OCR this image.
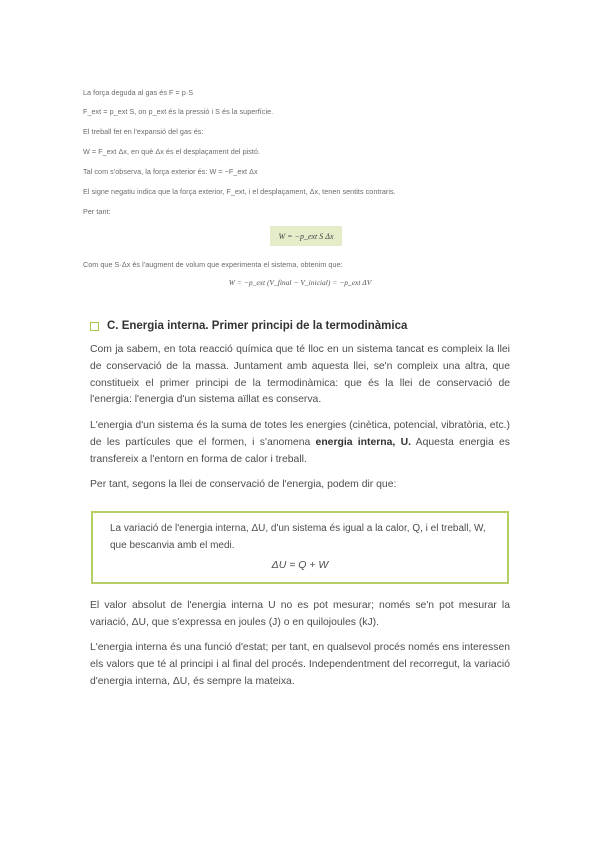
La força deguda al gas és F = p·S
F_ext = p_ext S, on p_ext és la pressió i S és la superfície.
El treball fet en l'expansió del gas és:
W = F_ext Δx, en què Δx és el desplaçament del pistó.
Tal com s'observa, la força exterior és: W = −F_ext Δx
El signe negatiu indica que la força exterior, F_ext, i el desplaçament, Δx, tenen sentits contraris.
Per tant:
W = −p_ext S Δx
Com que S·Δx és l'augment de volum que experimenta el sistema, obtenim que:
W = −p_ext (V_final − V_inicial) = −p_ext ΔV
C. Energia interna. Primer principi de la termodinàmica
Com ja sabem, en tota reacció química que té lloc en un sistema tancat es compleix la llei de conservació de la massa. Juntament amb aquesta llei, se'n compleix una altra, que constitueix el primer principi de la termodinàmica: que és la llei de conservació de l'energia: l'energia d'un sistema aïllat es conserva.
L'energia d'un sistema és la suma de totes les energies (cinètica, potencial, vibratòria, etc.) de les partícules que el formen, i s'anomena energia interna, U. Aquesta energia es transfereix a l'entorn en forma de calor i treball.
Per tant, segons la llei de conservació de l'energia, podem dir que:
La variació de l'energia interna, ΔU, d'un sistema és igual a la calor, Q, i el treball, W, que bescanvia amb el medi.
ΔU = Q + W
El valor absolut de l'energia interna U no es pot mesurar; només se'n pot mesurar la variació, ΔU, que s'expressa en joules (J) o en quilojoules (kJ).
L'energia interna és una funció d'estat; per tant, en qualsevol procés només ens interessen els valors que té al principi i al final del procés. Independentment del recorregut, la variació d'energia interna, ΔU, és sempre la mateixa.
